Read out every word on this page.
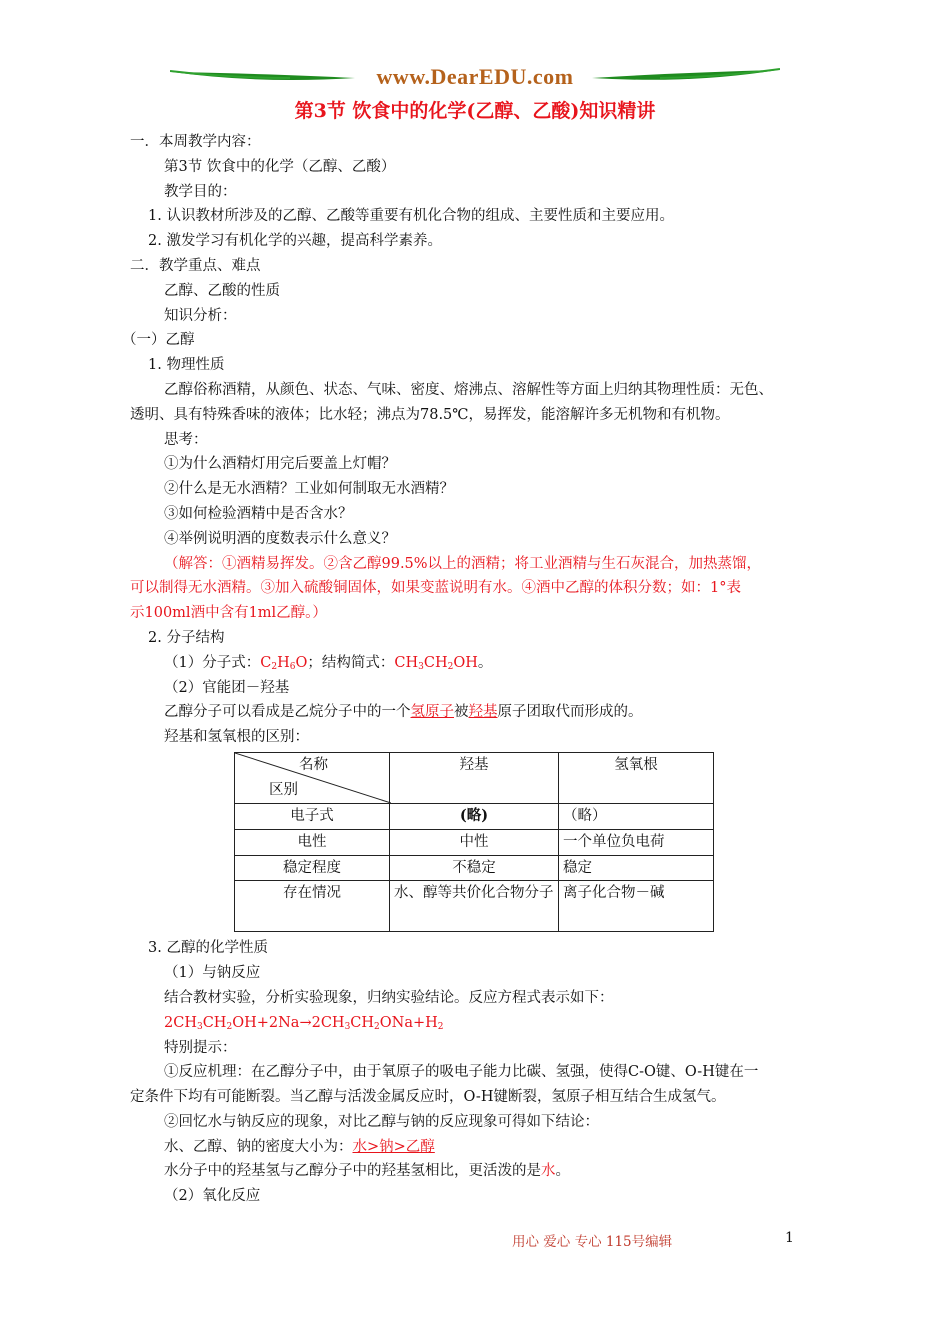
www.DearEDU.com
第3节 饮食中的化学(乙醇、乙酸)知识精讲

一．本周教学内容：

第3节 饮食中的化学（乙醇、乙酸）

教学目的：

1. 认识教材所涉及的乙醇、乙酸等重要有机化合物的组成、主要性质和主要应用。

2. 激发学习有机化学的兴趣，提高科学素养。

二．教学重点、难点

乙醇、乙酸的性质

知识分析：

（一）乙醇

1. 物理性质

乙醇俗称酒精，从颜色、状态、气味、密度、熔沸点、溶解性等方面上归纳其物理性质：无色、

透明、具有特殊香味的液体；比水轻；沸点为78.5℃，易挥发，能溶解许多无机物和有机物。

思考：

①为什么酒精灯用完后要盖上灯帽？

②什么是无水酒精？工业如何制取无水酒精？

③如何检验酒精中是否含水？

④举例说明酒的度数表示什么意义？

（解答：①酒精易挥发。②含乙醇99.5%以上的酒精；将工业酒精与生石灰混合，加热蒸馏，

可以制得无水酒精。③加入硫酸铜固体，如果变蓝说明有水。④酒中乙醇的体积分数；如：1°表

示100ml酒中含有1ml乙醇。）

2. 分子结构

（1）分子式：$C_2H_6O$；结构简式：$CH_3CH_2OH$。

（2）官能团－羟基

乙醇分子可以看成是乙烷分子中的一个氢原子被羟基原子团取代而形成的。

羟基和氢氧根的区别：

名称
区别	羟基	氢氧根
电子式	(略)	（略）
电性	中性	一个单位负电荷
稳定程度	不稳定	稳定
存在情况	水、醇等共价化合物分子	离子化合物－碱

3. 乙醇的化学性质

（1）与钠反应

结合教材实验，分析实验现象，归纳实验结论。反应方程式表示如下：

$2CH_3CH_2OH+2Na\to 2CH_3CH_2ONa+H_2$

特别提示：

①反应机理：在乙醇分子中，由于氧原子的吸电子能力比碳、氢强，使得C-O键、O-H键在一

定条件下均有可能断裂。当乙醇与活泼金属反应时，O-H键断裂，氢原子相互结合生成氢气。

②回忆水与钠反应的现象，对比乙醇与钠的反应现象可得如下结论：

水、乙醇、钠的密度大小为：水>钠>乙醇

水分子中的羟基氢与乙醇分子中的羟基氢相比，更活泼的是水。

（2）氧化反应

用心 爱心 专心 115号编辑	1
